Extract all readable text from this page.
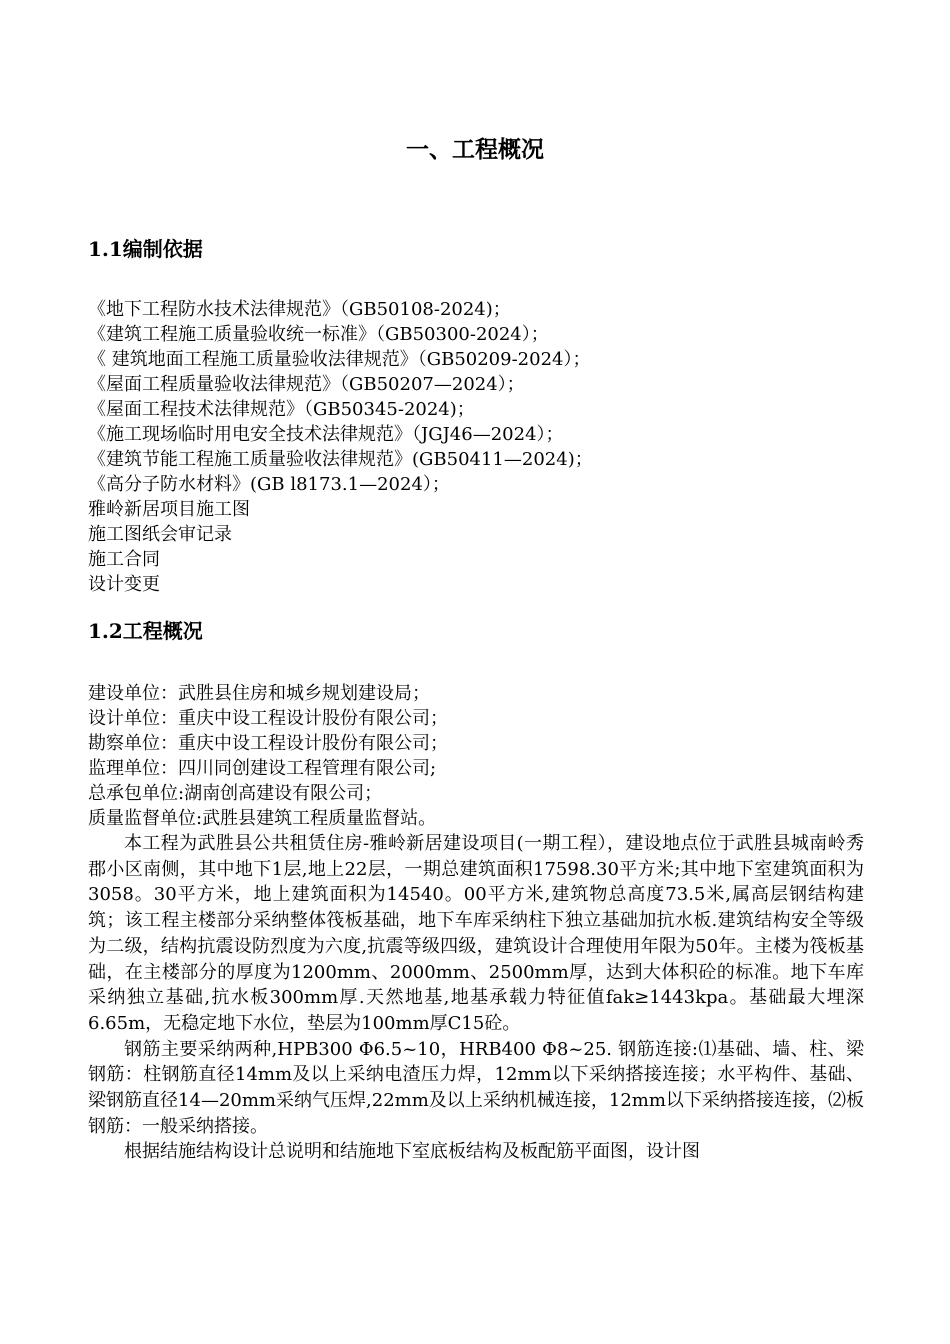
一、工程概况
1.1编制依据
《地下工程防水技术法律规范》（GB50108-2024)；
《建筑工程施工质量验收统一标准》（GB50300-2024）；
《 建筑地面工程施工质量验收法律规范》（GB50209-2024）；
《屋面工程质量验收法律规范》（GB50207—2024）；
《屋面工程技术法律规范》（GB50345-2024)；
《施工现场临时用电安全技术法律规范》（JGJ46—2024）；
《建筑节能工程施工质量验收法律规范》(GB50411—2024)；
《高分子防水材料》(GB l8173.1—2024）；
雅岭新居项目施工图
施工图纸会审记录
施工合同
设计变更
1.2工程概况
建设单位：武胜县住房和城乡规划建设局；
设计单位：重庆中设工程设计股份有限公司；
勘察单位：重庆中设工程设计股份有限公司；
监理单位：四川同创建设工程管理有限公司;
总承包单位:湖南创高建设有限公司；
质量监督单位:武胜县建筑工程质量监督站。

本工程为武胜县公共租赁住房-雅岭新居建设项目(一期工程），建设地点位于武胜县城南岭秀郡小区南侧，其中地下1层,地上22层，一期总建筑面积17598.30平方米;其中地下室建筑面积为3058。30平方米，地上建筑面积为14540。00平方米,建筑物总高度73.5米,属高层钢结构建筑；该工程主楼部分采纳整体筏板基础，地下车库采纳柱下独立基础加抗水板.建筑结构安全等级为二级，结构抗震设防烈度为六度,抗震等级四级，建筑设计合理使用年限为50年。主楼为筏板基础，在主楼部分的厚度为1200mm、2000mm、2500mm厚，达到大体积砼的标准。地下车库采纳独立基础,抗水板300mm厚.天然地基,地基承载力特征值fak≥1443kpa。基础最大埋深6.65m，无稳定地下水位，垫层为100mm厚C15砼。

钢筋主要采纳两种,HPB300 Φ6.5~10，HRB400 Φ8~25. 钢筋连接:⑴基础、墙、柱、梁钢筋：柱钢筋直径14mm及以上采纳电渣压力焊，12mm以下采纳搭接连接；水平构件、基础、梁钢筋直径14—20mm采纳气压焊,22mm及以上采纳机械连接，12mm以下采纳搭接连接，⑵板钢筋：一般采纳搭接。

根据结施结构设计总说明和结施地下室底板结构及板配筋平面图，设计图
